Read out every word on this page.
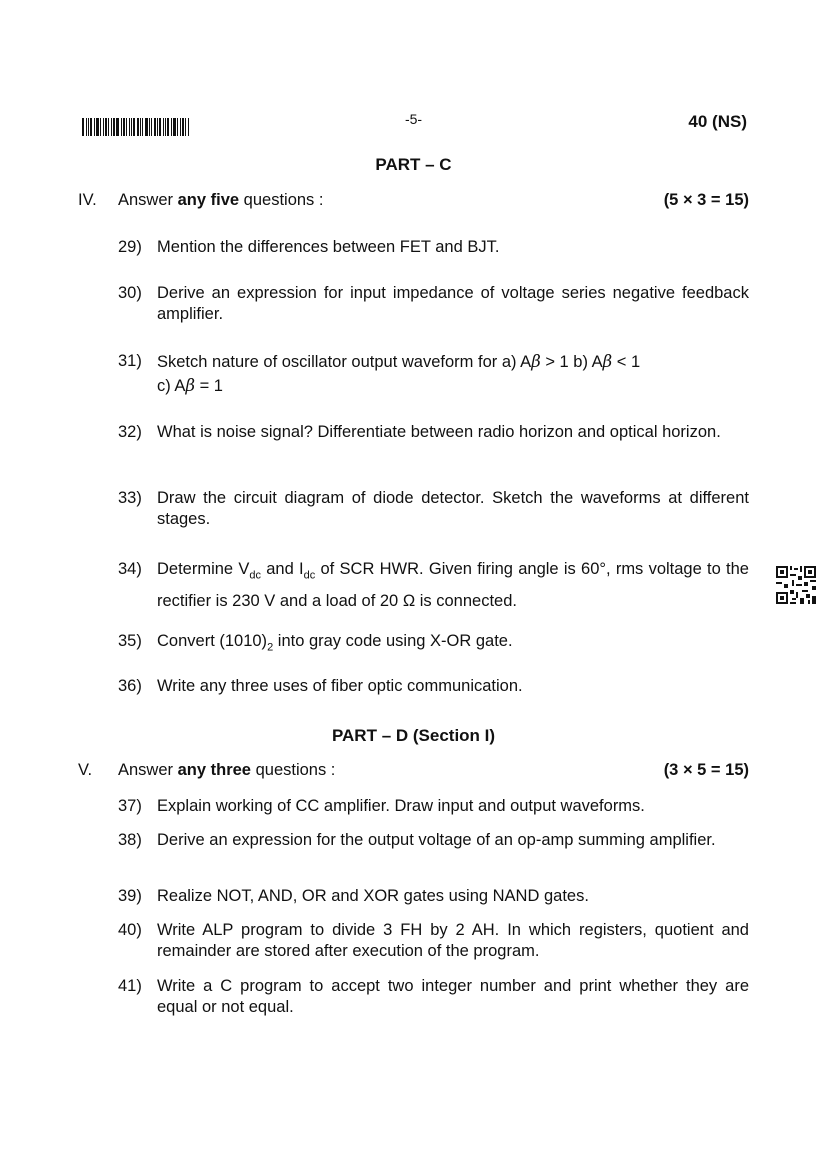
-5-	40 (NS)
PART – C
IV.	Answer any five questions :	(5 × 3 = 15)
29) Mention the differences between FET and BJT.
30) Derive an expression for input impedance of voltage series negative feedback amplifier.
31) Sketch nature of oscillator output waveform for a) Aβ > 1 b) Aβ < 1
c) Aβ = 1
32) What is noise signal? Differentiate between radio horizon and optical horizon.
33) Draw the circuit diagram of diode detector. Sketch the waveforms at different stages.
34) Determine $V_{dc}$ and $I_{dc}$ of SCR HWR. Given firing angle is 60°, rms voltage to the rectifier is 230 V and a load of 20 Ω is connected.
35) Convert $(1010)_2$ into gray code using X-OR gate.
36) Write any three uses of fiber optic communication.
PART – D (Section I)
V.	Answer any three questions :	(3 × 5 = 15)
37) Explain working of CC amplifier. Draw input and output waveforms.
38) Derive an expression for the output voltage of an op-amp summing amplifier.
39) Realize NOT, AND, OR and XOR gates using NAND gates.
40) Write ALP program to divide 3 FH by 2 AH. In which registers, quotient and remainder are stored after execution of the program.
41) Write a C program to accept two integer number and print whether they are equal or not equal.
